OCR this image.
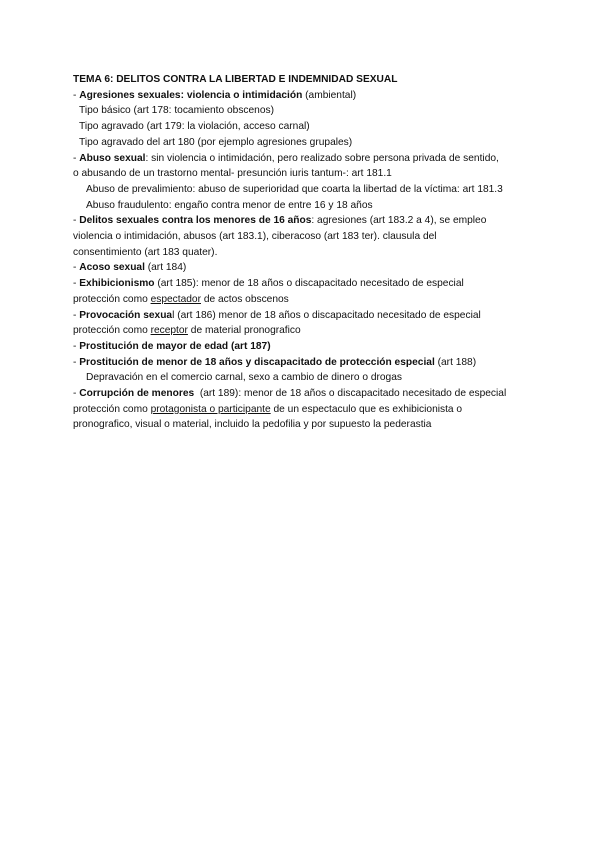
TEMA 6: DELITOS CONTRA LA LIBERTAD E INDEMNIDAD SEXUAL
- Agresiones sexuales: violencia o intimidación (ambiental)
Tipo básico (art 178: tocamiento obscenos)
Tipo agravado (art 179: la violación, acceso carnal)
Tipo agravado del art 180 (por ejemplo agresiones grupales)
- Abuso sexual: sin violencia o intimidación, pero realizado sobre persona privada de sentido,
o abusando de un trastorno mental- presunción iuris tantum-: art 181.1
Abuso de prevalimiento: abuso de superioridad que coarta la libertad de la víctima: art 181.3
Abuso fraudulento: engaño contra menor de entre 16 y 18 años
- Delitos sexuales contra los menores de 16 años: agresiones (art 183.2 a 4), se empleo
violencia o intimidación, abusos (art 183.1), ciberacoso (art 183 ter). clausula del
consentimiento (art 183 quater).
- Acoso sexual (art 184)
- Exhibicionismo (art 185): menor de 18 años o discapacitado necesitado de especial
protección como espectador de actos obscenos
- Provocación sexual (art 186) menor de 18 años o discapacitado necesitado de especial
protección como receptor de material pronografico
- Prostitución de mayor de edad (art 187)
- Prostitución de menor de 18 años y discapacitado de protección especial (art 188)
Depravación en el comercio carnal, sexo a cambio de dinero o drogas
- Corrupción de menores  (art 189): menor de 18 años o discapacitado necesitado de especial
protección como protagonista o participante de un espectaculo que es exhibicionista o
pronografico, visual o material, incluido la pedofilia y por supuesto la pederastia
